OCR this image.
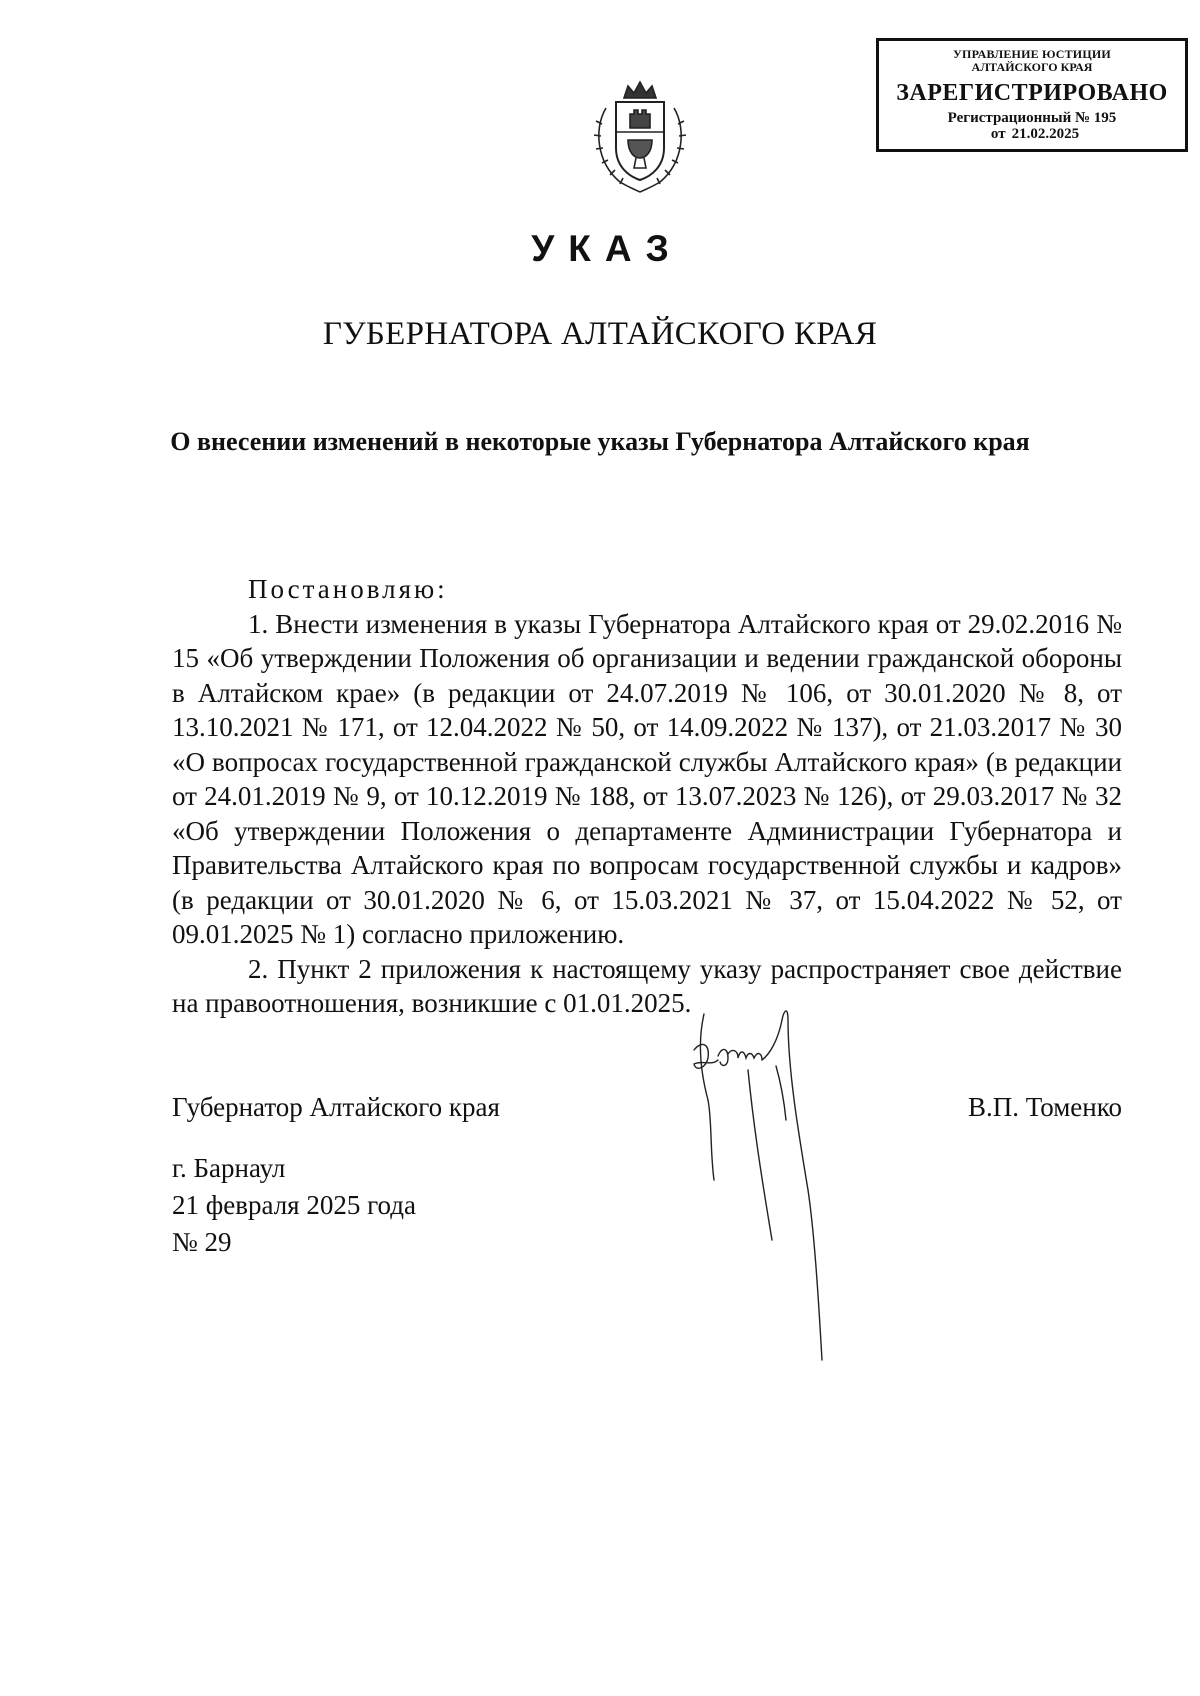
УПРАВЛЕНИЕ ЮСТИЦИИ
АЛТАЙСКОГО КРАЯ
ЗАРЕГИСТРИРОВАНО
Регистрационный № 195
от 21.02.2025
УКАЗ
ГУБЕРНАТОРА АЛТАЙСКОГО КРАЯ
О внесении изменений в некоторые указы Губернатора Алтайского края

Постановляю:

1. Внести изменения в указы Губернатора Алтайского края от 29.02.2016 № 15 «Об утверждении Положения об организации и ведении гражданской обороны в Алтайском крае» (в редакции от 24.07.2019 № 106, от 30.01.2020 № 8, от 13.10.2021 № 171, от 12.04.2022 № 50, от 14.09.2022 № 137), от 21.03.2017 № 30 «О вопросах государственной гражданской службы Алтайского края» (в редакции от 24.01.2019 № 9, от 10.12.2019 № 188, от 13.07.2023 № 126), от 29.03.2017 № 32 «Об утверждении Положения о департаменте Администрации Губернатора и Правительства Алтайского края по вопросам государственной службы и кадров» (в редакции от 30.01.2020 № 6, от 15.03.2021 № 37, от 15.04.2022 № 52, от 09.01.2025 № 1) согласно приложению.

2. Пункт 2 приложения к настоящему указу распространяет свое действие на правоотношения, возникшие с 01.01.2025.

Губернатор Алтайского края	В.П. Томенко
г. Барнаул
21 февраля 2025 года
№ 29
